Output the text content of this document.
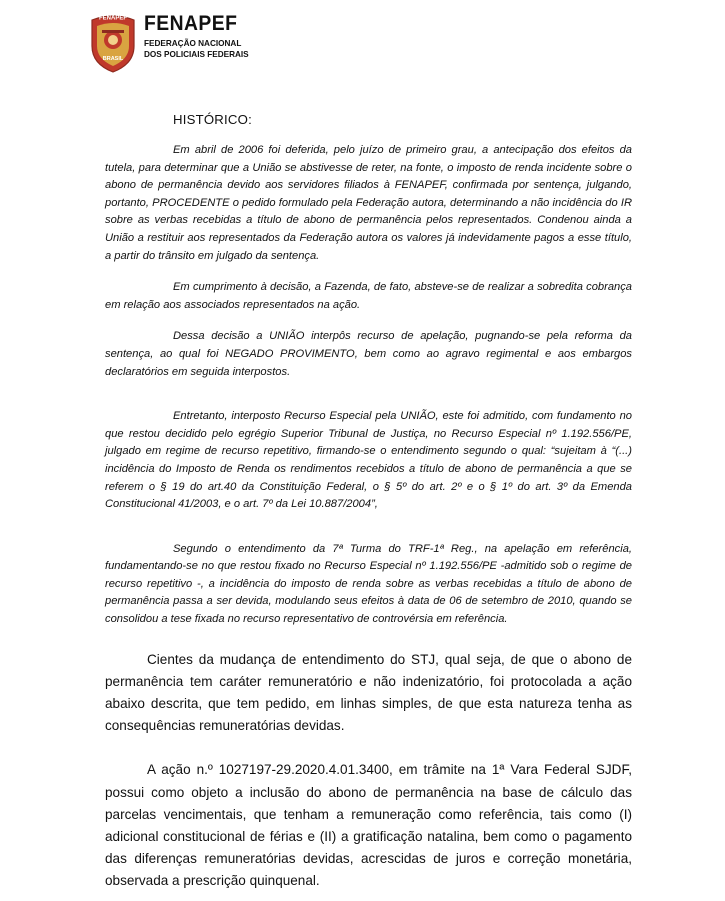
FENAPEF
BRASIL
FENAPEF
FEDERAÇÃO NACIONAL
DOS POLICIAIS FEDERAIS
HISTÓRICO:

Em abril de 2006 foi deferida, pelo juízo de primeiro grau, a antecipação dos efeitos da tutela, para determinar que a União se abstivesse de reter, na fonte, o imposto de renda incidente sobre o abono de permanência devido aos servidores filiados à FENAPEF, confirmada por sentença, julgando, portanto, PROCEDENTE o pedido formulado pela Federação autora, determinando a não incidência do IR sobre as verbas recebidas a título de abono de permanência pelos representados. Condenou ainda a União a restituir aos representados da Federação autora os valores já indevidamente pagos a esse título, a partir do trânsito em julgado da sentença.

Em cumprimento à decisão, a Fazenda, de fato, absteve-se de realizar a sobredita cobrança em relação aos associados representados na ação.

Dessa decisão a UNIÃO interpôs recurso de apelação, pugnando-se pela reforma da sentença, ao qual foi NEGADO PROVIMENTO, bem como ao agravo regimental e aos embargos declaratórios em seguida interpostos.

Entretanto, interposto Recurso Especial pela UNIÃO, este foi admitido, com fundamento no que restou decidido pelo egrégio Superior Tribunal de Justiça, no Recurso Especial nº 1.192.556/PE, julgado em regime de recurso repetitivo, firmando-se o entendimento segundo o qual: “sujeitam à “(...) incidência do Imposto de Renda os rendimentos recebidos a título de abono de permanência a que se referem o § 19 do art.40 da Constituição Federal, o § 5º do art. 2º e o § 1º do art. 3º da Emenda Constitucional 41/2003, e o art. 7º da Lei 10.887/2004”,

Segundo o entendimento da 7ª Turma do TRF-1ª Reg., na apelação em referência, fundamentando-se no que restou fixado no Recurso Especial nº 1.192.556/PE -admitido sob o regime de recurso repetitivo -, a incidência do imposto de renda sobre as verbas recebidas a título de abono de permanência passa a ser devida, modulando seus efeitos à data de 06 de setembro de 2010, quando se consolidou a tese fixada no recurso representativo de controvérsia em referência.

Cientes da mudança de entendimento do STJ, qual seja, de que o abono de permanência tem caráter remuneratório e não indenizatório, foi protocolada a ação abaixo descrita, que tem pedido, em linhas simples, de que esta natureza tenha as consequências remuneratórias devidas.

A ação n.º 1027197-29.2020.4.01.3400, em trâmite na 1ª Vara Federal SJDF, possui como objeto a inclusão do abono de permanência na base de cálculo das parcelas vencimentais, que tenham a remuneração como referência, tais como (I) adicional constitucional de férias e (II) a gratificação natalina, bem como o pagamento das diferenças remuneratórias devidas, acrescidas de juros e correção monetária, observada a prescrição quinquenal.
